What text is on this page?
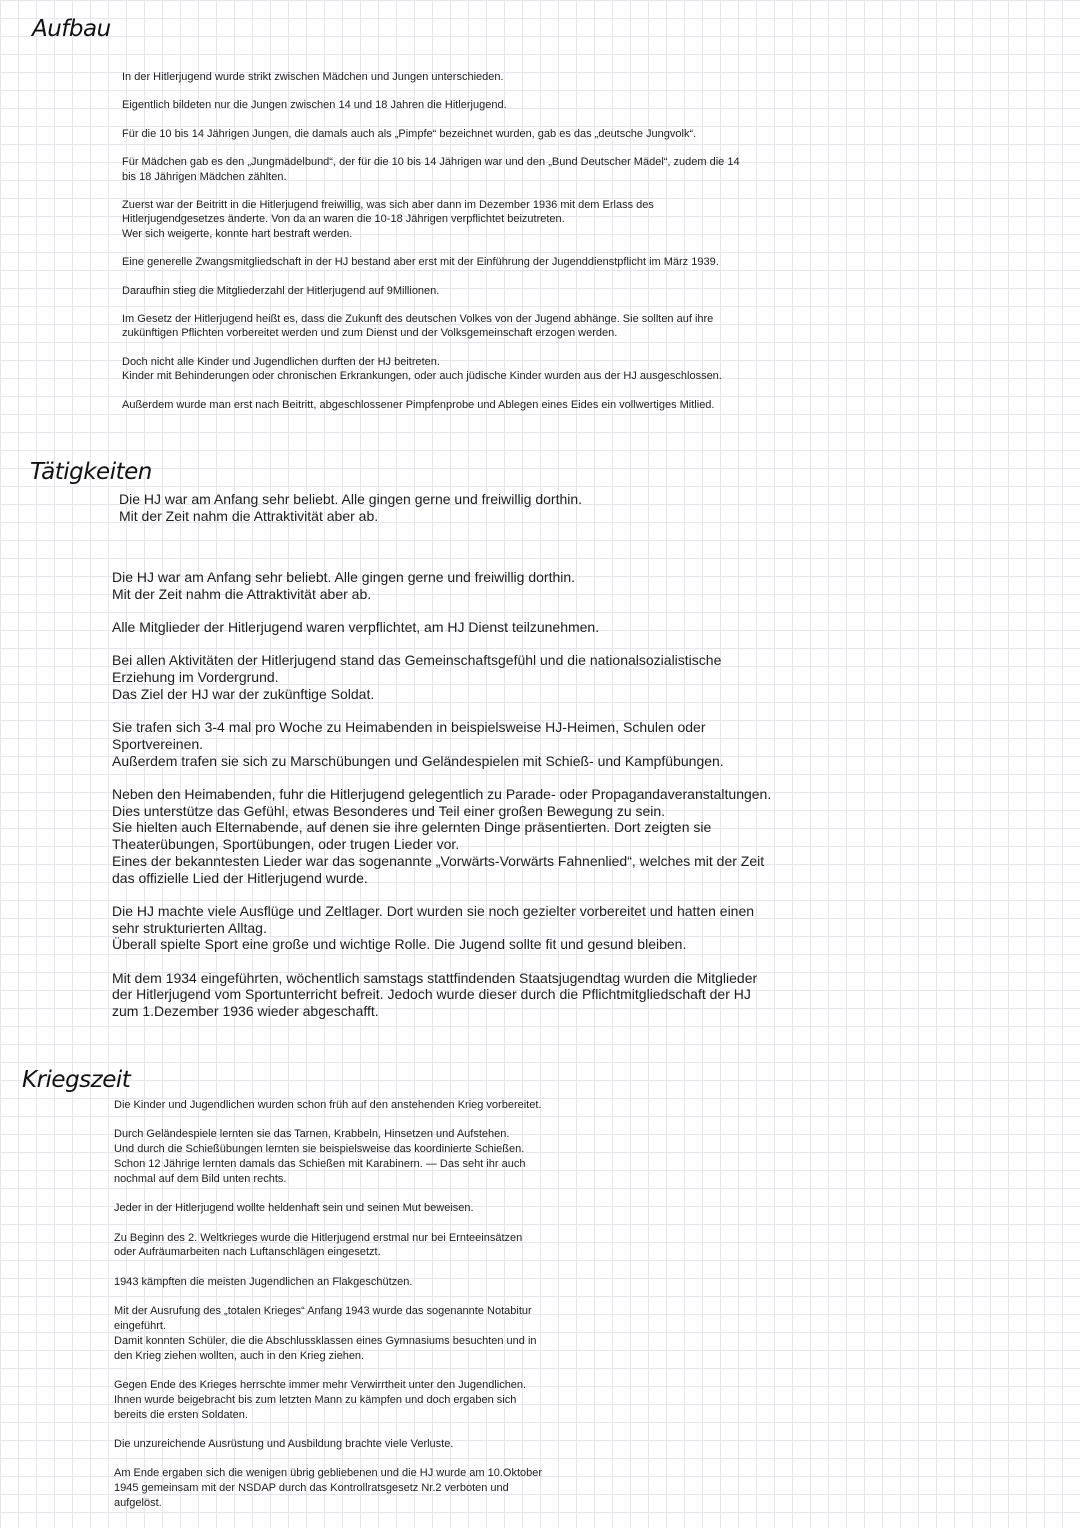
Aufbau

In der Hitlerjugend wurde strikt zwischen Mädchen und Jungen unterschieden.

Eigentlich bildeten nur die Jungen zwischen 14 und 18 Jahren die Hitlerjugend.

Für die 10 bis 14 Jährigen Jungen, die damals auch als „Pimpfe“ bezeichnet wurden, gab es das „deutsche Jungvolk“.

Für Mädchen gab es den „Jungmädelbund“, der für die 10 bis 14 Jährigen war und den „Bund Deutscher Mädel“, zudem die 14
bis 18 Jährigen Mädchen zählten.

Zuerst war der Beitritt in die Hitlerjugend freiwillig, was sich aber dann im Dezember 1936 mit dem Erlass des
Hitlerjugendgesetzes änderte. Von da an waren die 10-18 Jährigen verpflichtet beizutreten.
Wer sich weigerte, konnte hart bestraft werden.

Eine generelle Zwangsmitgliedschaft in der HJ bestand aber erst mit der Einführung der Jugenddienstpflicht im März 1939.

Daraufhin stieg die Mitgliederzahl der Hitlerjugend auf 9Millionen.

Im Gesetz der Hitlerjugend heißt es, dass die Zukunft des deutschen Volkes von der Jugend abhänge. Sie sollten auf ihre
zukünftigen Pflichten vorbereitet werden und zum Dienst und der Volksgemeinschaft erzogen werden.

Doch nicht alle Kinder und Jugendlichen durften der HJ beitreten.
Kinder mit Behinderungen oder chronischen Erkrankungen, oder auch jüdische Kinder wurden aus der HJ ausgeschlossen.

Außerdem wurde man erst nach Beitritt, abgeschlossener Pimpfenprobe und Ablegen eines Eides ein vollwertiges Mitlied.

Tätigkeiten

Die HJ war am Anfang sehr beliebt. Alle gingen gerne und freiwillig dorthin.
Mit der Zeit nahm die Attraktivität aber ab.

Die HJ war am Anfang sehr beliebt. Alle gingen gerne und freiwillig dorthin.
Mit der Zeit nahm die Attraktivität aber ab.

Alle Mitglieder der Hitlerjugend waren verpflichtet, am HJ Dienst teilzunehmen.

Bei allen Aktivitäten der Hitlerjugend stand das Gemeinschaftsgefühl und die nationalsozialistische
Erziehung im Vordergrund.
Das Ziel der HJ war der zukünftige Soldat.

Sie trafen sich 3-4 mal pro Woche zu Heimabenden in beispielsweise HJ-Heimen, Schulen oder
Sportvereinen.
Außerdem trafen sie sich zu Marschübungen und Geländespielen mit Schieß- und Kampfübungen.

Neben den Heimabenden, fuhr die Hitlerjugend gelegentlich zu Parade- oder Propagandaveranstaltungen.
Dies unterstütze das Gefühl, etwas Besonderes und Teil einer großen Bewegung zu sein.
Sie hielten auch Elternabende, auf denen sie ihre gelernten Dinge präsentierten. Dort zeigten sie
Theaterübungen, Sportübungen, oder trugen Lieder vor.
Eines der bekanntesten Lieder war das sogenannte „Vorwärts-Vorwärts Fahnenlied“, welches mit der Zeit
das offizielle Lied der Hitlerjugend wurde.

Die HJ machte viele Ausflüge und Zeltlager. Dort wurden sie noch gezielter vorbereitet und hatten einen
sehr strukturierten Alltag.
Überall spielte Sport eine große und wichtige Rolle. Die Jugend sollte fit und gesund bleiben.

Mit dem 1934 eingeführten, wöchentlich samstags stattfindenden Staatsjugendtag wurden die Mitglieder
der Hitlerjugend vom Sportunterricht befreit. Jedoch wurde dieser durch die Pflichtmitgliedschaft der HJ
zum 1.Dezember 1936 wieder abgeschafft.

Kriegszeit

Die Kinder und Jugendlichen wurden schon früh auf den anstehenden Krieg vorbereitet.

Durch Geländespiele lernten sie das Tarnen, Krabbeln, Hinsetzen und Aufstehen.
Und durch die Schießübungen lernten sie beispielsweise das koordinierte Schießen.
Schon 12 Jährige lernten damals das Schießen mit Karabinern. — Das seht ihr auch
nochmal auf dem Bild unten rechts.

Jeder in der Hitlerjugend wollte heldenhaft sein und seinen Mut beweisen.

Zu Beginn des 2. Weltkrieges wurde die Hitlerjugend erstmal nur bei Ernteeinsätzen
oder Aufräumarbeiten nach Luftanschlägen eingesetzt.

1943 kämpften die meisten Jugendlichen an Flakgeschützen.

Mit der Ausrufung des „totalen Krieges“ Anfang 1943 wurde das sogenannte Notabitur
eingeführt.
Damit konnten Schüler, die die Abschlussklassen eines Gymnasiums besuchten und in
den Krieg ziehen wollten, auch in den Krieg ziehen.

Gegen Ende des Krieges herrschte immer mehr Verwirrtheit unter den Jugendlichen.
Ihnen wurde beigebracht bis zum letzten Mann zu kämpfen und doch ergaben sich
bereits die ersten Soldaten.

Die unzureichende Ausrüstung und Ausbildung brachte viele Verluste.

Am Ende ergaben sich die wenigen übrig gebliebenen und die HJ wurde am 10.Oktober
1945 gemeinsam mit der NSDAP durch das Kontrollratsgesetz Nr.2 verboten und
aufgelöst.
